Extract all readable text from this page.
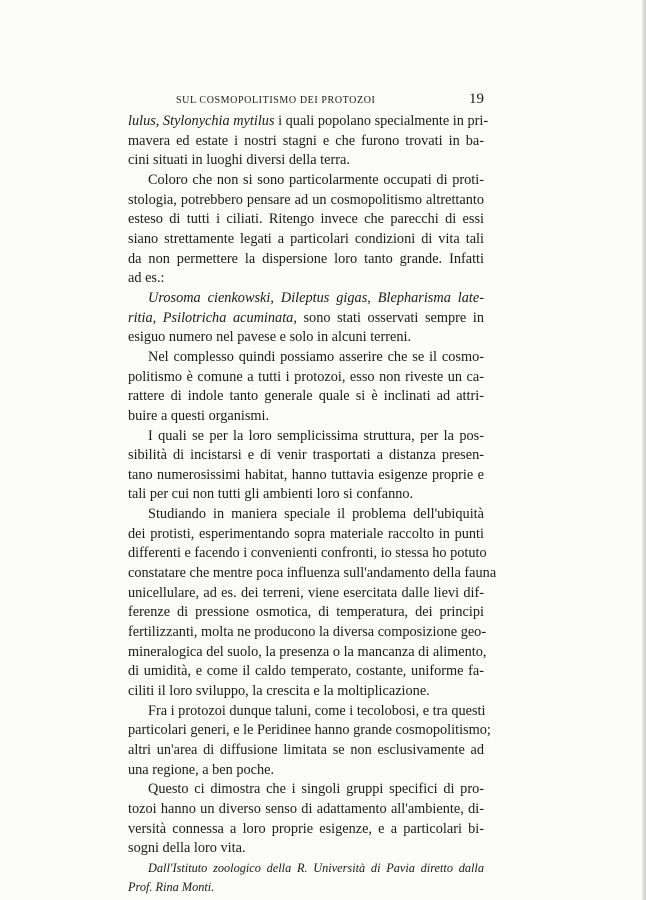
SUL COSMOPOLITISMO DEI PROTOZOI	19

lulus, Stylonychia mytilus i quali popolano specialmente in pri-
mavera ed estate i nostri stagni e che furono trovati in ba-
cini situati in luoghi diversi della terra.

Coloro che non si sono particolarmente occupati di proti-
stologia, potrebbero pensare ad un cosmopolitismo altrettanto
esteso di tutti i ciliati. Ritengo invece che parecchi di essi
siano strettamente legati a particolari condizioni di vita tali
da non permettere la dispersione loro tanto grande. Infatti
ad es.:

Urosoma cienkowski, Dileptus gigas, Blepharisma late-
ritia, Psilotricha acuminata, sono stati osservati sempre in
esiguo numero nel pavese e solo in alcuni terreni.

Nel complesso quindi possiamo asserire che se il cosmo-
politismo è comune a tutti i protozoi, esso non riveste un ca-
rattere di indole tanto generale quale si è inclinati ad attri-
buire a questi organismi.

I quali se per la loro semplicissima struttura, per la pos-
sibilità di incistarsi e di venir trasportati a distanza presen-
tano numerosissimi habitat, hanno tuttavia esigenze proprie e
tali per cui non tutti gli ambienti loro si confanno.

Studiando in maniera speciale il problema dell'ubiquità
dei protisti, esperimentando sopra materiale raccolto in punti
differenti e facendo i convenienti confronti, io stessa ho potuto
constatare che mentre poca influenza sull'andamento della fauna
unicellulare, ad es. dei terreni, viene esercitata dalle lievi dif-
ferenze di pressione osmotica, di temperatura, dei principi
fertilizzanti, molta ne producono la diversa composizione geo-
mineralogica del suolo, la presenza o la mancanza di alimento,
di umidità, e come il caldo temperato, costante, uniforme fa-
ciliti il loro sviluppo, la crescita e la moltiplicazione.

Fra i protozoi dunque taluni, come i tecolobosi, e tra questi
particolari generi, e le Peridinee hanno grande cosmopolitismo;
altri un'area di diffusione limitata se non esclusivamente ad
una regione, a ben poche.

Questo ci dimostra che i singoli gruppi specifici di pro-
tozoi hanno un diverso senso di adattamento all'ambiente, di-
versità connessa a loro proprie esigenze, e a particolari bi-
sogni della loro vita.

Dall'Istituto zoologico della R. Università di Pavia diretto dalla
Prof. Rina Monti.
